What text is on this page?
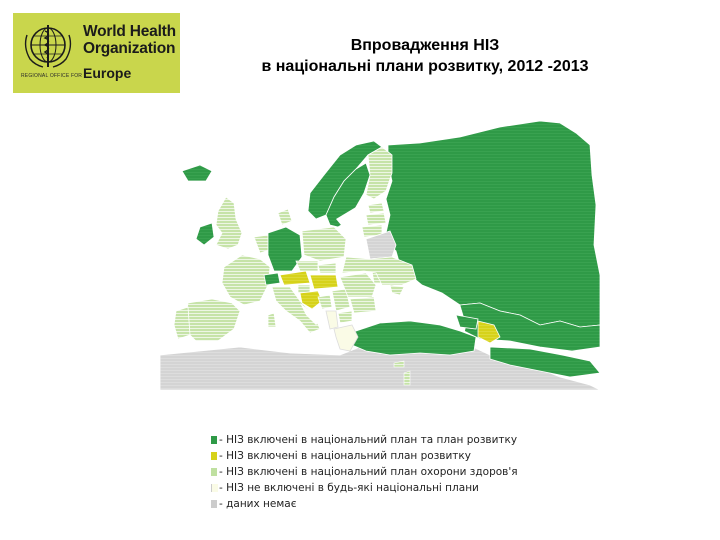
World Health
Organization
REGIONAL OFFICE FOR Europe
Впровадження НІЗ
в національні плани розвитку, 2012 -2013
- НІЗ включені в національний план та план розвитку
- НІЗ включені в національний план розвитку
- НІЗ включені в національний план охорони здоров'я
- НІЗ не включені в будь-які національні плани
- даних немає
